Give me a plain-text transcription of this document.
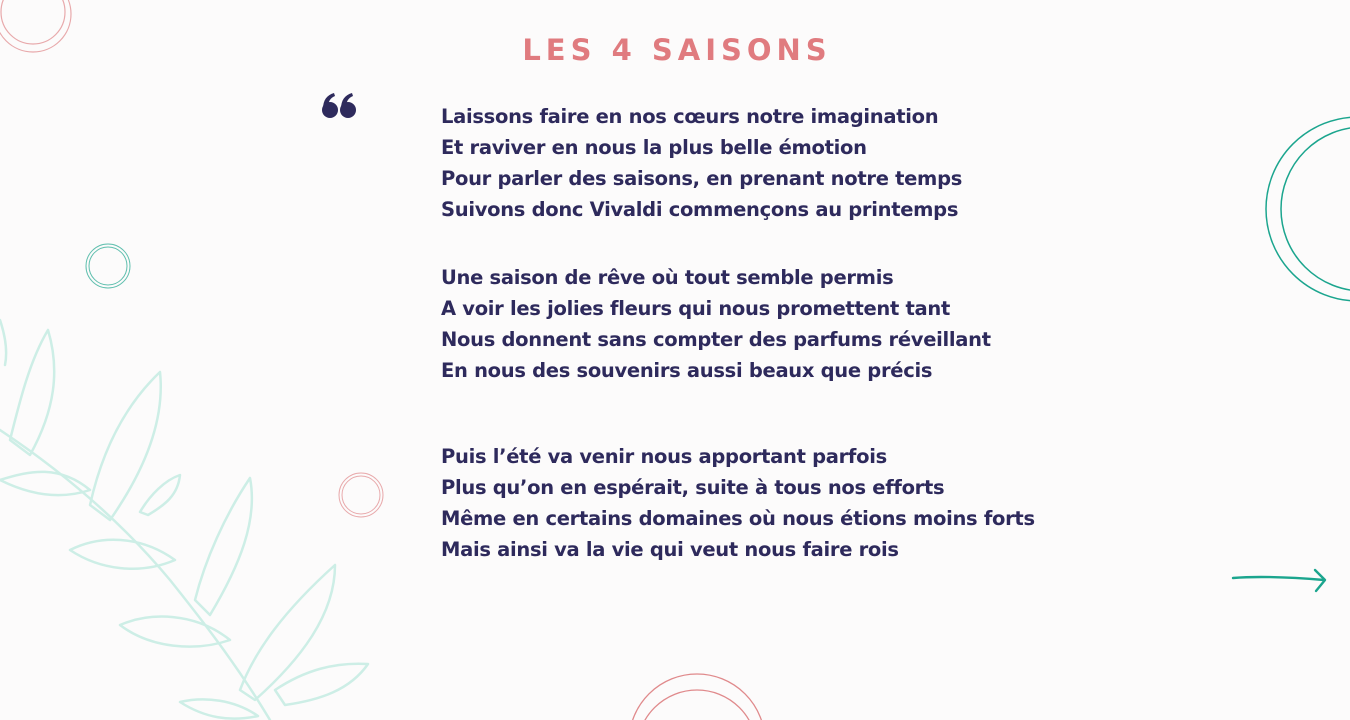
LES 4 SAISONS
Laissons faire en nos cœurs notre imagination
Et raviver en nous la plus belle émotion
Pour parler des saisons, en prenant notre temps
Suivons donc Vivaldi commençons au printemps
Une saison de rêve où tout semble permis
A voir les jolies fleurs qui nous promettent tant
Nous donnent sans compter des parfums réveillant
En nous des souvenirs aussi beaux que précis
Puis l’été va venir nous apportant parfois
Plus qu’on en espérait, suite à tous nos efforts
Même en certains domaines où nous étions moins forts
Mais ainsi va la vie qui veut nous faire rois
